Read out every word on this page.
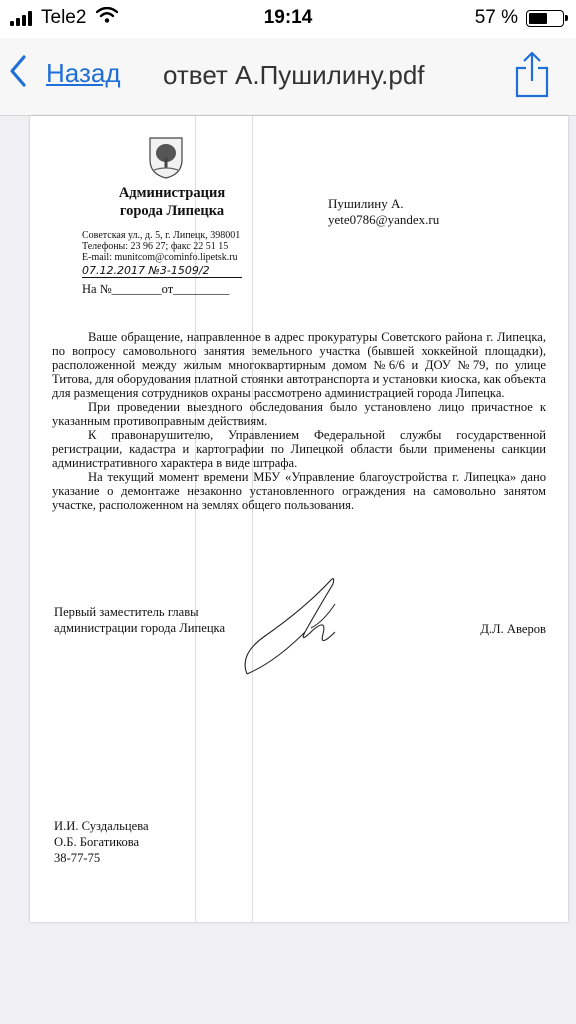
Tele2	19:14	57 %
Назад ответ А.Пушилину.pdf
Администрация
города Липецка
Советская ул., д. 5, г. Липецк, 398001
Телефоны: 23 96 27; факс 22 51 15
E-mail: munitcom@cominfo.lipetsk.ru
07.12.2017 №3-1509/2
На №________от_________
Пушилину А.
yete0786@yandex.ru

Ваше обращение, направленное в адрес прокуратуры Советского района г. Липецка, по вопросу самовольного занятия земельного участка (бывшей хоккейной площадки), расположенной между жилым многоквартирным домом №6/6 и ДОУ №79, по улице Титова, для оборудования платной стоянки автотранспорта и установки киоска, как объекта для размещения сотрудников охраны рассмотрено администрацией города Липецка.

При проведении выездного обследования было установлено лицо причастное к указанным противоправным действиям.

К правонарушителю, Управлением Федеральной службы государственной регистрации, кадастра и картографии по Липецкой области были применены санкции административного характера в виде штрафа.

На текущий момент времени МБУ «Управление благоустройства г. Липецка» дано указание о демонтаже незаконно установленного ограждения на самовольно занятом участке, расположенном на землях общего пользования.

Первый заместитель главы
администрации города Липецка	Д.Л. Аверов
И.И. Суздальцева
О.Б. Богатикова
38-77-75
